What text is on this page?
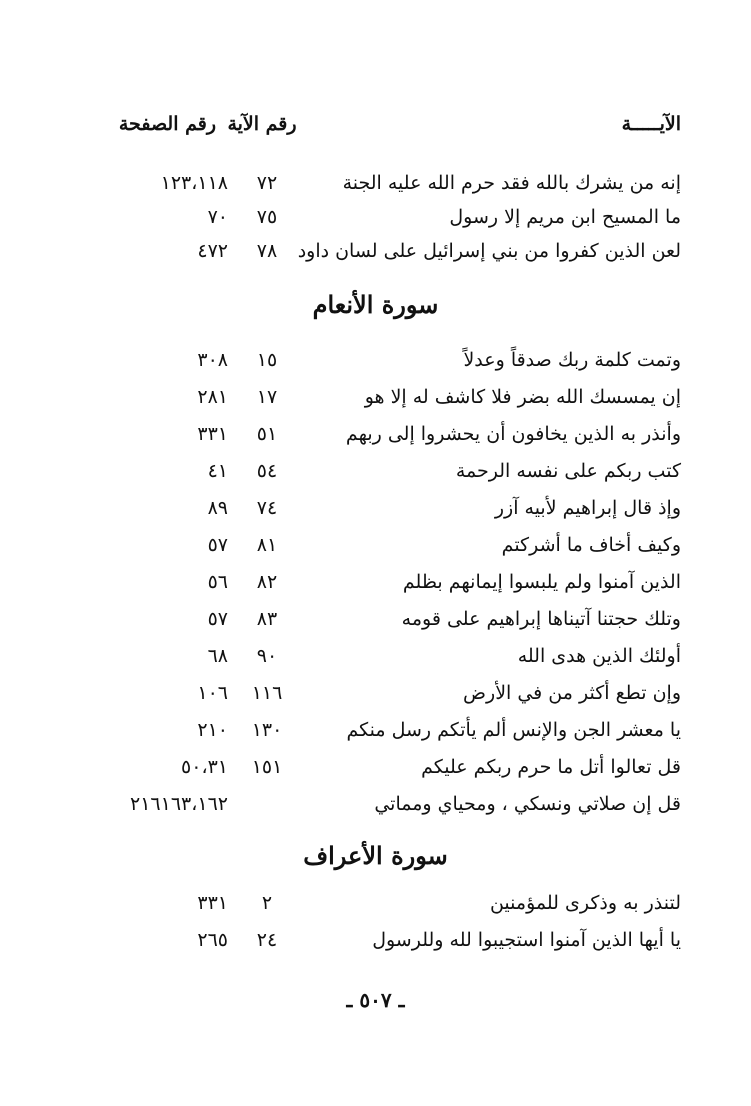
الآيـــــة
رقم الآية
رقم الصفحة
إنه من يشرك بالله فقد حرم الله عليه الجنة
٧٢
١٢٣،١١٨
ما المسيح ابن مريم إلا رسول
٧٥
٧٠
لعن الذين كفروا من بني إسرائيل على لسان داود
٧٨
٤٧٢
سورة الأنعام
وتمت كلمة ربك صدقاً وعدلاً
١٥
٣٠٨
إن يمسسك الله بضر فلا كاشف له إلا هو
١٧
٢٨١
وأنذر به الذين يخافون أن يحشروا إلى ربهم
٥١
٣٣١
كتب ربكم على نفسه الرحمة
٥٤
٤١
وإذ قال إبراهيم لأبيه آزر
٧٤
٨٩
وكيف أخاف ما أشركتم
٨١
٥٧
الذين آمنوا ولم يلبسوا إيمانهم بظلم
٨٢
٥٦
وتلك حجتنا آتيناها إبراهيم على قومه
٨٣
٥٧
أولئك الذين هدى الله
٩٠
٦٨
وإن تطع أكثر من في الأرض
١١٦
١٠٦
يا معشر الجن والإنس ألم يأتكم رسل منكم
١٣٠
٢١٠
قل تعالوا أتل ما حرم ربكم عليكم
١٥١
٥٠،٣١
قل إن صلاتي ونسكي ، ومحياي ومماتي
٢١٦١٦٣،١٦٢
سورة الأعراف
لتنذر به وذكرى للمؤمنين
٢
٣٣١
يا أيها الذين آمنوا استجيبوا لله وللرسول
٢٤
٢٦٥
ـ ٥٠٧ ـ
